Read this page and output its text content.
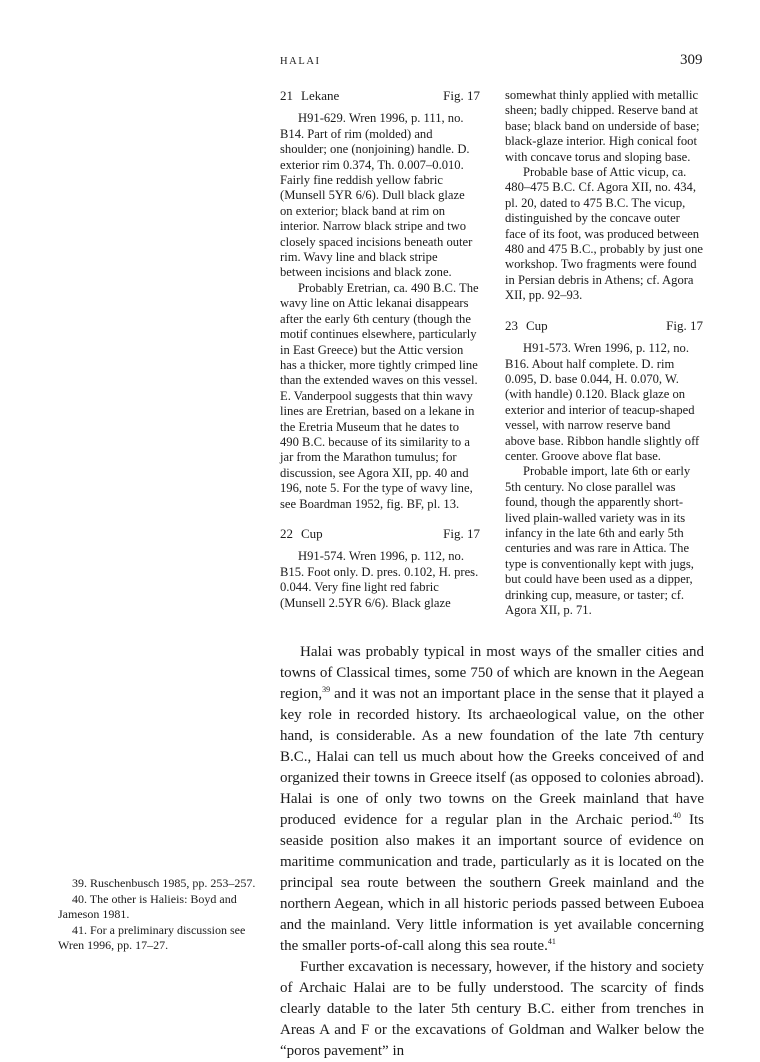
HALAI	309
21 Lekane	Fig. 17

H91-629. Wren 1996, p. 111, no. B14. Part of rim (molded) and shoulder; one (nonjoining) handle. D. exterior rim 0.374, Th. 0.007–0.010. Fairly fine reddish yellow fabric (Munsell 5YR 6/6). Dull black glaze on exterior; black band at rim on interior. Narrow black stripe and two closely spaced incisions beneath outer rim. Wavy line and black stripe between incisions and black zone.

Probably Eretrian, ca. 490 B.C. The wavy line on Attic lekanai disappears after the early 6th century (though the motif continues elsewhere, particularly in East Greece) but the Attic version has a thicker, more tightly crimped line than the extended waves on this vessel. E. Vanderpool suggests that thin wavy lines are Eretrian, based on a lekane in the Eretria Museum that he dates to 490 B.C. because of its similarity to a jar from the Marathon tumulus; for discussion, see Agora XII, pp. 40 and 196, note 5. For the type of wavy line, see Boardman 1952, fig. BF, pl. 13.

22 Cup	Fig. 17

H91-574. Wren 1996, p. 112, no. B15. Foot only. D. pres. 0.102, H. pres. 0.044. Very fine light red fabric (Munsell 2.5YR 6/6). Black glaze

somewhat thinly applied with metallic sheen; badly chipped. Reserve band at base; black band on underside of base; black-glaze interior. High conical foot with concave torus and sloping base.

Probable base of Attic vicup, ca. 480–475 B.C. Cf. Agora XII, no. 434, pl. 20, dated to 475 B.C. The vicup, distinguished by the concave outer face of its foot, was produced between 480 and 475 B.C., probably by just one workshop. Two fragments were found in Persian debris in Athens; cf. Agora XII, pp. 92–93.

23 Cup	Fig. 17

H91-573. Wren 1996, p. 112, no. B16. About half complete. D. rim 0.095, D. base 0.044, H. 0.070, W. (with handle) 0.120. Black glaze on exterior and interior of teacup-shaped vessel, with narrow reserve band above base. Ribbon handle slightly off center. Groove above flat base.

Probable import, late 6th or early 5th century. No close parallel was found, though the apparently short-lived plain-walled variety was in its infancy in the late 6th and early 5th centuries and was rare in Attica. The type is conventionally kept with jugs, but could have been used as a dipper, drinking cup, measure, or taster; cf. Agora XII, p. 71.

Halai was probably typical in most ways of the smaller cities and towns of Classical times, some 750 of which are known in the Aegean region,$^{39}$ and it was not an important place in the sense that it played a key role in recorded history. Its archaeological value, on the other hand, is considerable. As a new foundation of the late 7th century B.C., Halai can tell us much about how the Greeks conceived of and organized their towns in Greece itself (as opposed to colonies abroad). Halai is one of only two towns on the Greek mainland that have produced evidence for a regular plan in the Archaic period.$^{40}$ Its seaside position also makes it an important source of evidence on maritime communication and trade, particularly as it is located on the principal sea route between the southern Greek mainland and the northern Aegean, which in all historic periods passed between Euboea and the mainland. Very little information is yet available concerning the smaller ports-of-call along this sea route.$^{41}$

Further excavation is necessary, however, if the history and society of Archaic Halai are to be fully understood. The scarcity of finds clearly datable to the later 5th century B.C. either from trenches in Areas A and F or the excavations of Goldman and Walker below the “poros pavement” in

39. Ruschenbusch 1985, pp. 253–257.

40. The other is Halieis: Boyd and Jameson 1981.

41. For a preliminary discussion see Wren 1996, pp. 17–27.
